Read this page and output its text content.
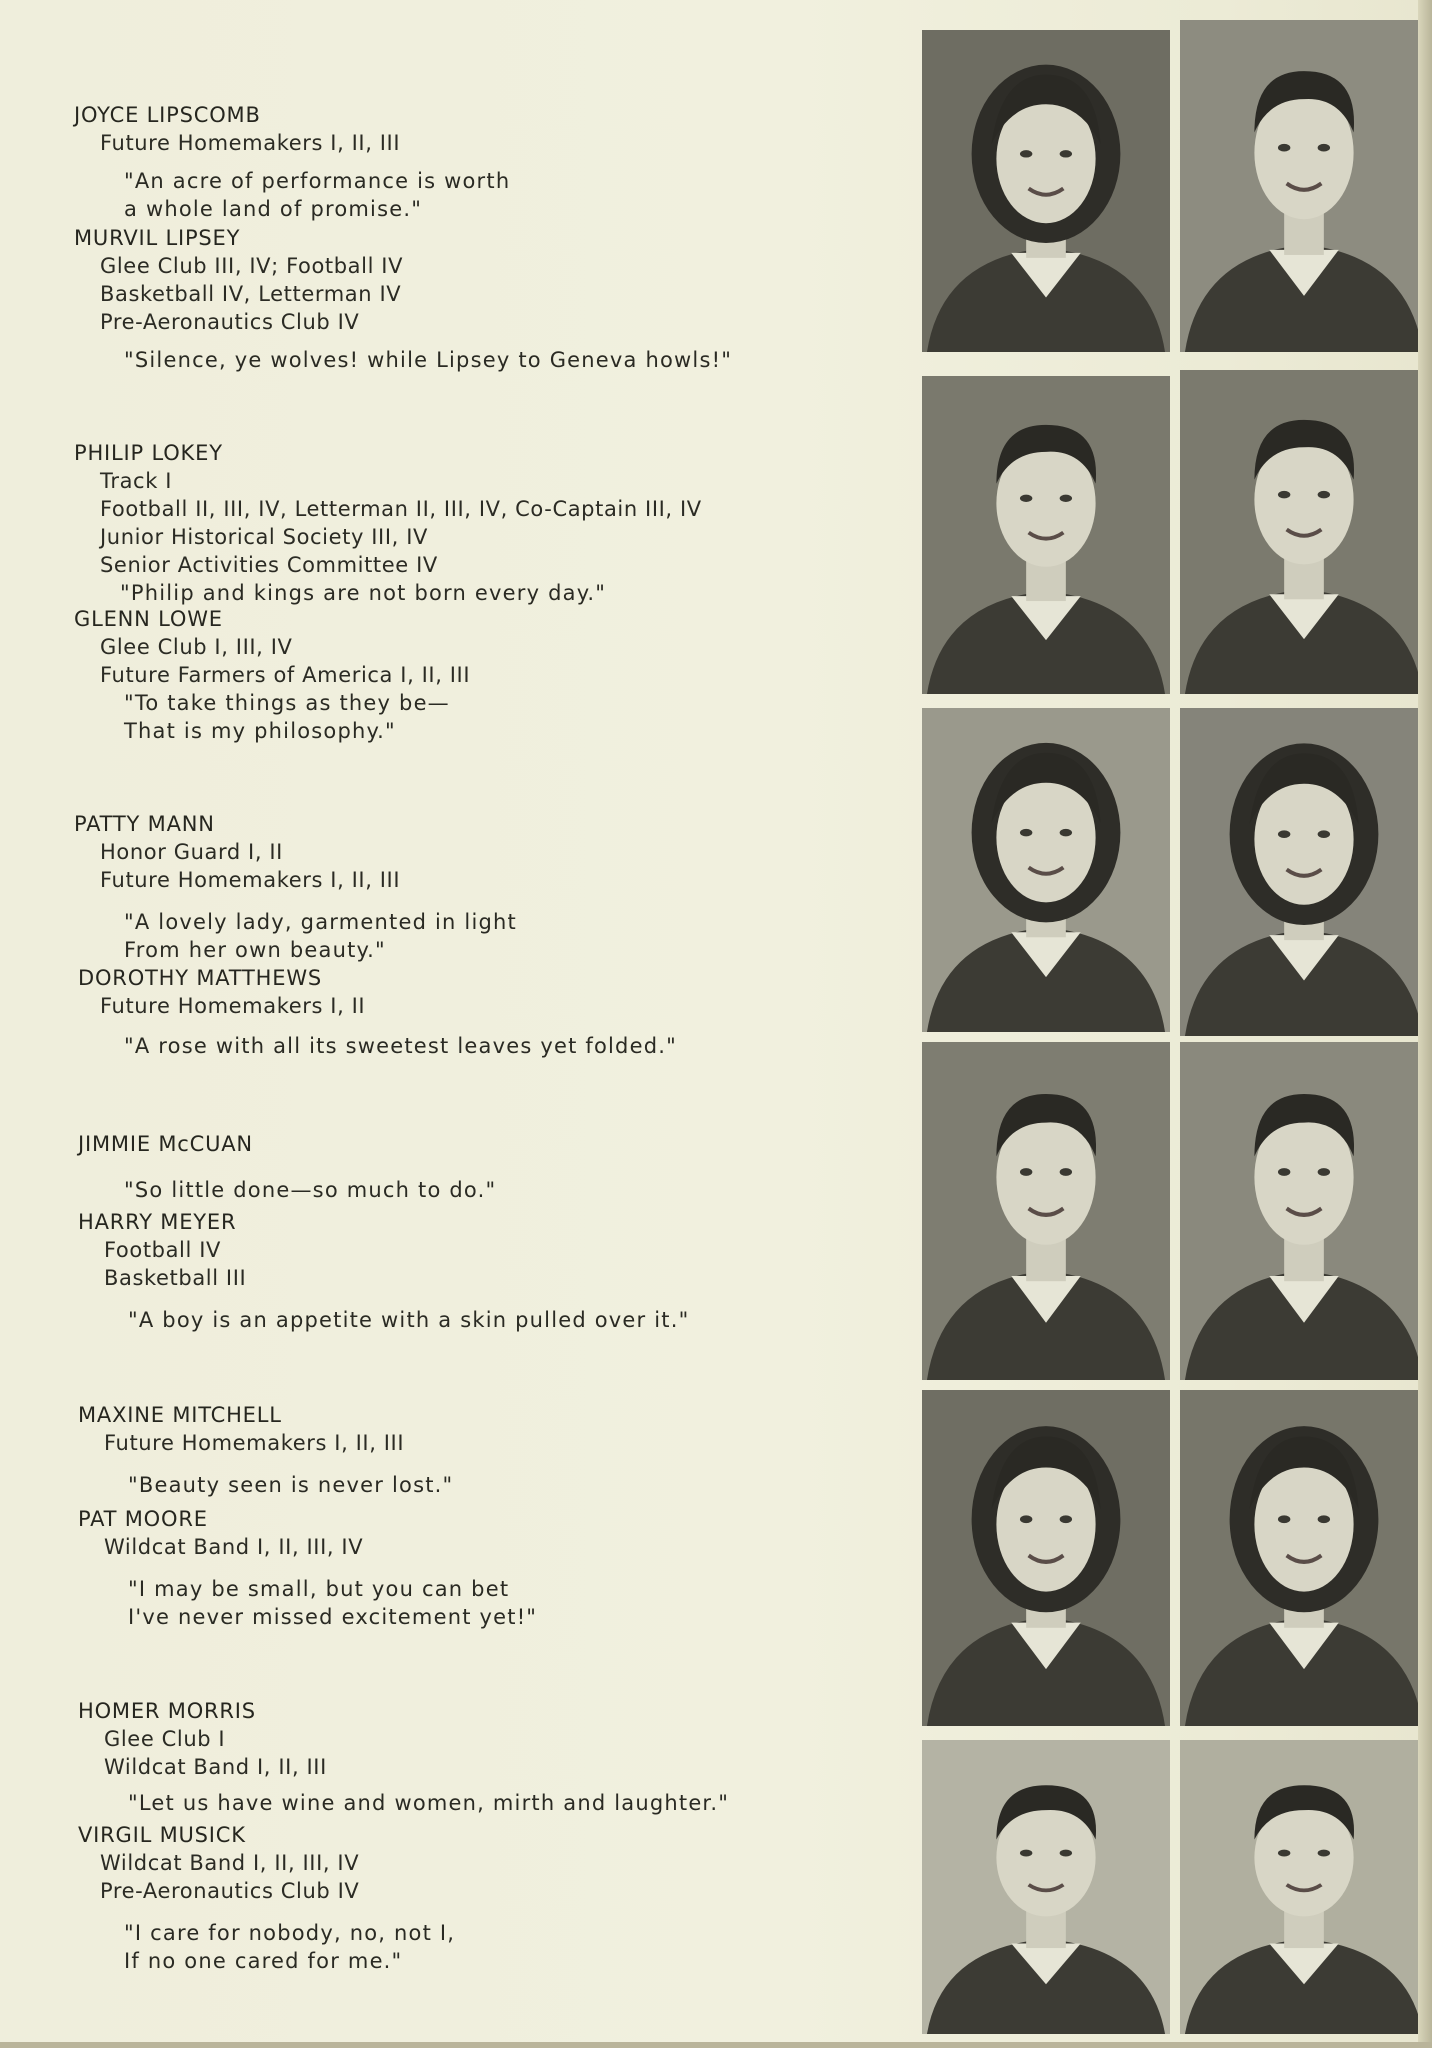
JOYCE LIPSCOMB
Future Homemakers I, II, III
"An acre of performance is worth
a whole land of promise."
MURVIL LIPSEY
Glee Club III, IV; Football IV
Basketball IV, Letterman IV
Pre-Aeronautics Club IV
"Silence, ye wolves! while Lipsey to Geneva howls!"
PHILIP LOKEY
Track I
Football II, III, IV, Letterman II, III, IV, Co-Captain III, IV
Junior Historical Society III, IV
Senior Activities Committee IV
"Philip and kings are not born every day."
GLENN LOWE
Glee Club I, III, IV
Future Farmers of America I, II, III
"To take things as they be—
That is my philosophy."
PATTY MANN
Honor Guard I, II
Future Homemakers I, II, III
"A lovely lady, garmented in light
From her own beauty."
DOROTHY MATTHEWS
Future Homemakers I, II
"A rose with all its sweetest leaves yet folded."
JIMMIE McCUAN
"So little done—so much to do."
HARRY MEYER
Football IV
Basketball III
"A boy is an appetite with a skin pulled over it."
MAXINE MITCHELL
Future Homemakers I, II, III
"Beauty seen is never lost."
PAT MOORE
Wildcat Band I, II, III, IV
"I may be small, but you can bet
I've never missed excitement yet!"
HOMER MORRIS
Glee Club I
Wildcat Band I, II, III
"Let us have wine and women, mirth and laughter."
VIRGIL MUSICK
Wildcat Band I, II, III, IV
Pre-Aeronautics Club IV
"I care for nobody, no, not I,
If no one cared for me."
